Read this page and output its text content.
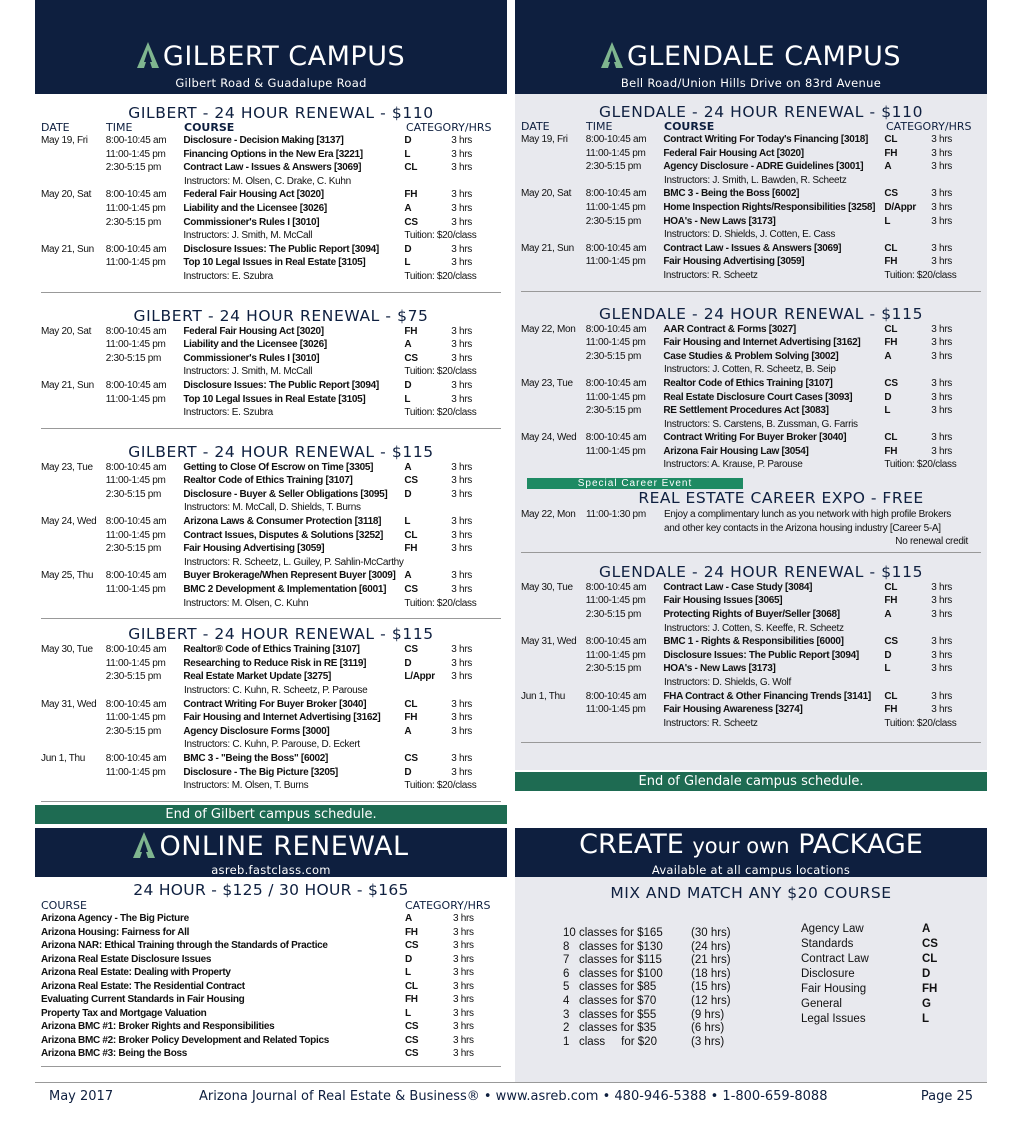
GILBERT CAMPUS
Gilbert Road & Guadalupe Road
GILBERT - 24 HOUR RENEWAL - $110
DATE	TIME	COURSE	CATEGORY/HRS
May 19, Fri	8:00-10:45 am	Disclosure - Decision Making [3137]	D	3 hrs
11:00-1:45 pm	Financing Options in the New Era [3221]	L	3 hrs
2:30-5:15 pm	Contract Law - Issues & Answers [3069]	CL	3 hrs
Instructors: M. Olsen, C. Drake, C. Kuhn
May 20, Sat	8:00-10:45 am	Federal Fair Housing Act [3020]	FH	3 hrs
11:00-1:45 pm	Liability and the Licensee [3026]	A	3 hrs
2:30-5:15 pm	Commissioner's Rules I [3010]	CS	3 hrs
Instructors: J. Smith, M. McCall	Tuition: $20/class
May 21, Sun	8:00-10:45 am	Disclosure Issues: The Public Report [3094]	D	3 hrs
11:00-1:45 pm	Top 10 Legal Issues in Real Estate [3105]	L	3 hrs
Instructors: E. Szubra	Tuition: $20/class
GILBERT - 24 HOUR RENEWAL - $75
May 20, Sat	8:00-10:45 am	Federal Fair Housing Act [3020]	FH	3 hrs
11:00-1:45 pm	Liability and the Licensee [3026]	A	3 hrs
2:30-5:15 pm	Commissioner's Rules I [3010]	CS	3 hrs
Instructors: J. Smith, M. McCall	Tuition: $20/class
May 21, Sun	8:00-10:45 am	Disclosure Issues: The Public Report [3094]	D	3 hrs
11:00-1:45 pm	Top 10 Legal Issues in Real Estate [3105]	L	3 hrs
Instructors: E. Szubra	Tuition: $20/class
GILBERT - 24 HOUR RENEWAL - $115
May 23, Tue	8:00-10:45 am	Getting to Close Of Escrow on Time [3305]	A	3 hrs
11:00-1:45 pm	Realtor Code of Ethics Training [3107]	CS	3 hrs
2:30-5:15 pm	Disclosure - Buyer & Seller Obligations [3095]	D	3 hrs
Instructors: M. McCall, D. Shields, T. Burns
May 24, Wed 8:00-10:45 am	Arizona Laws & Consumer Protection [3118]	L	3 hrs
11:00-1:45 pm	Contract Issues, Disputes & Solutions [3252]	CL	3 hrs
2:30-5:15 pm	Fair Housing Advertising [3059]	FH	3 hrs
Instructors: R. Scheetz, L. Guiley, P. Sahlin-McCarthy
May 25, Thu	8:00-10:45 am	Buyer Brokerage/When Represent Buyer [3009] A	3 hrs
11:00-1:45 pm	BMC 2 Development & Implementation [6001]	CS	3 hrs
Instructors: M. Olsen, C. Kuhn	Tuition: $20/class
GILBERT - 24 HOUR RENEWAL - $115
May 30, Tue	8:00-10:45 am	Realtor® Code of Ethics Training [3107]	CS	3 hrs
11:00-1:45 pm	Researching to Reduce Risk in RE [3119]	D	3 hrs
2:30-5:15 pm	Real Estate Market Update [3275]	L/Appr	3 hrs
Instructors: C. Kuhn, R. Scheetz, P. Parouse
May 31, Wed 8:00-10:45 am	Contract Writing For Buyer Broker [3040]	CL	3 hrs
11:00-1:45 pm	Fair Housing and Internet Advertising [3162]	FH	3 hrs
2:30-5:15 pm	Agency Disclosure Forms [3000]	A	3 hrs
Instructors: C. Kuhn, P. Parouse, D. Eckert
Jun 1, Thu	8:00-10:45 am	BMC 3 - "Being the Boss" [6002]	CS	3 hrs
11:00-1:45 pm	Disclosure - The Big Picture [3205]	D	3 hrs
Instructors: M. Olsen, T. Burns	Tuition: $20/class
End of Gilbert campus schedule.
ONLINE RENEWAL
asreb.fastclass.com
24 HOUR - $125 / 30 HOUR - $165
COURSE	CATEGORY/HRS
Arizona Agency - The Big Picture	A	3 hrs
Arizona Housing: Fairness for All	FH	3 hrs
Arizona NAR: Ethical Training through the Standards of Practice	CS	3 hrs
Arizona Real Estate Disclosure Issues	D	3 hrs
Arizona Real Estate: Dealing with Property	L	3 hrs
Arizona Real Estate: The Residential Contract	CL	3 hrs
Evaluating Current Standards in Fair Housing	FH	3 hrs
Property Tax and Mortgage Valuation	L	3 hrs
Arizona BMC #1: Broker Rights and Responsibilities	CS	3 hrs
Arizona BMC #2: Broker Policy Development and Related Topics	CS	3 hrs
Arizona BMC #3: Being the Boss	CS	3 hrs
GLENDALE CAMPUS
Bell Road/Union Hills Drive on 83rd Avenue
GLENDALE - 24 HOUR RENEWAL - $110
DATE	TIME	COURSE	CATEGORY/HRS
May 19, Fri	8:00-10:45 am	Contract Writing For Today's Financing [3018]	CL	3 hrs
11:00-1:45 pm	Federal Fair Housing Act [3020]	FH	3 hrs
2:30-5:15 pm	Agency Disclosure - ADRE Guidelines [3001]	A	3 hrs
Instructors: J. Smith, L. Bawden, R. Scheetz
May 20, Sat	8:00-10:45 am	BMC 3 - Being the Boss [6002]	CS	3 hrs
11:00-1:45 pm	Home Inspection Rights/Responsibilities [3258] D/Appr	3 hrs
2:30-5:15 pm	HOA's - New Laws [3173]	L	3 hrs
Instructors: D. Shields, J. Cotten, E. Cass
May 21, Sun	8:00-10:45 am	Contract Law - Issues & Answers [3069]	CL	3 hrs
11:00-1:45 pm	Fair Housing Advertising [3059]	FH	3 hrs
Instructors: R. Scheetz	Tuition: $20/class
GLENDALE - 24 HOUR RENEWAL - $115
May 22, Mon	8:00-10:45 am	AAR Contract & Forms [3027]	CL	3 hrs
11:00-1:45 pm	Fair Housing and Internet Advertising [3162]	FH	3 hrs
2:30-5:15 pm	Case Studies & Problem Solving [3002]	A	3 hrs
Instructors: J. Cotten, R. Scheetz, B. Seip
May 23, Tue	8:00-10:45 am	Realtor Code of Ethics Training [3107]	CS	3 hrs
11:00-1:45 pm	Real Estate Disclosure Court Cases [3093]	D	3 hrs
2:30-5:15 pm	RE Settlement Procedures Act [3083]	L	3 hrs
Instructors: S. Carstens, B. Zussman, G. Farris
May 24, Wed 8:00-10:45 am	Contract Writing For Buyer Broker [3040]	CL	3 hrs
11:00-1:45 pm	Arizona Fair Housing Law [3054]	FH	3 hrs
Instructors: A. Krause, P. Parouse	Tuition: $20/class
Special Career Event
REAL ESTATE CAREER EXPO - FREE
May 22, Mon	11:00-1:30 pm	Enjoy a complimentary lunch as you network with high profile Brokers
and other key contacts in the Arizona housing industry [Career 5-A]
No renewal credit
GLENDALE - 24 HOUR RENEWAL - $115
May 30, Tue	8:00-10:45 am	Contract Law - Case Study [3084]	CL	3 hrs
11:00-1:45 pm	Fair Housing Issues [3065]	FH	3 hrs
2:30-5:15 pm	Protecting Rights of Buyer/Seller [3068]	A	3 hrs
Instructors: J. Cotten, S. Keeffe, R. Scheetz
May 31, Wed 8:00-10:45 am	BMC 1 - Rights & Responsibilities [6000]	CS	3 hrs
11:00-1:45 pm	Disclosure Issues: The Public Report [3094]	D	3 hrs
2:30-5:15 pm	HOA's - New Laws [3173]	L	3 hrs
Instructors: D. Shields, G. Wolf
Jun 1, Thu	8:00-10:45 am	FHA Contract & Other Financing Trends [3141]	CL	3 hrs
11:00-1:45 pm	Fair Housing Awareness [3274]	FH	3 hrs
Instructors: R. Scheetz	Tuition: $20/class
End of Glendale campus schedule.
CREATE your own PACKAGE
Available at all campus locations
MIX AND MATCH ANY $20 COURSE
10 classes for $165	(30 hrs)
8   classes for $130	(24 hrs)
7   classes for $115	(21 hrs)
6   classes for $100	(18 hrs)
5   classes for $85	(15 hrs)
4   classes for $70	(12 hrs)
3   classes for $55	(9 hrs)
2   classes for $35	(6 hrs)
1   class     for $20	(3 hrs)
Agency Law	A
Standards	CS
Contract Law	CL
Disclosure	D
Fair Housing	FH
General	G
Legal Issues	L
May 2017	Arizona Journal of Real Estate & Business® • www.asreb.com • 480-946-5388 • 1-800-659-8088	Page 25
